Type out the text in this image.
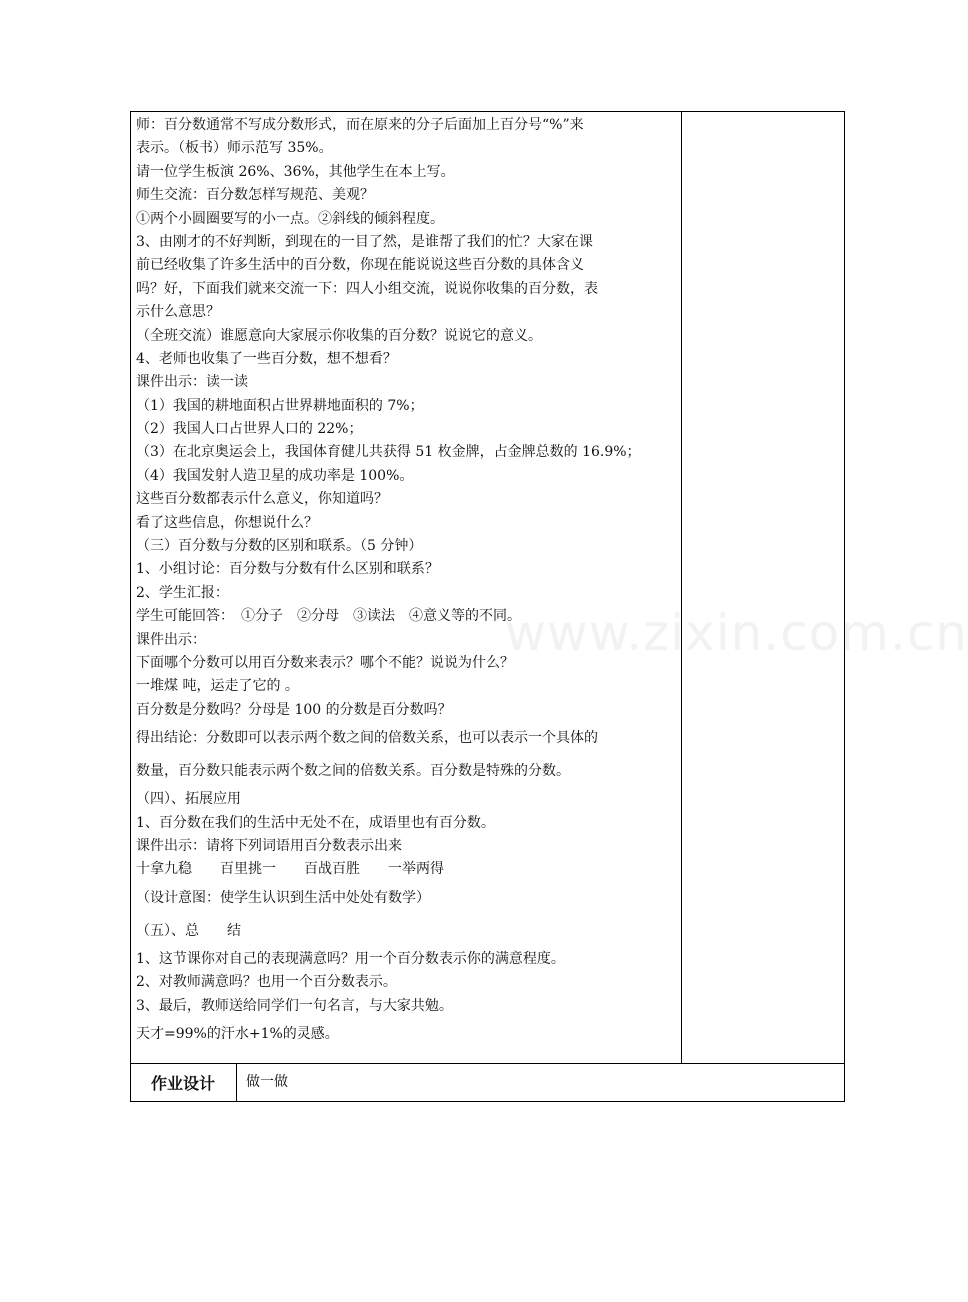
www.zixin.com.cn
师：百分数通常不写成分数形式，而在原来的分子后面加上百分号“%”来
表示。（板书）师示范写 35%。
请一位学生板演 26%、36%，其他学生在本上写。
师生交流：百分数怎样写规范、美观？
①两个小圆圈要写的小一点。②斜线的倾斜程度。
3、由刚才的不好判断，到现在的一目了然，是谁帮了我们的忙？大家在课
前已经收集了许多生活中的百分数，你现在能说说这些百分数的具体含义
吗？好，下面我们就来交流一下：四人小组交流，说说你收集的百分数，表
示什么意思？
（全班交流）谁愿意向大家展示你收集的百分数？说说它的意义。
4、老师也收集了一些百分数，想不想看？
课件出示：读一读
（1）我国的耕地面积占世界耕地面积的 7%；
（2）我国人口占世界人口的 22%；
（3）在北京奥运会上，我国体育健儿共获得 51 枚金牌，占金牌总数的 16.9%；
（4）我国发射人造卫星的成功率是 100%。
这些百分数都表示什么意义，你知道吗？
看了这些信息，你想说什么？
（三）百分数与分数的区别和联系。（5 分钟）
1、小组讨论：百分数与分数有什么区别和联系？
2、学生汇报：
学生可能回答：　①分子　②分母　③读法　④意义等的不同。
课件出示：
下面哪个分数可以用百分数来表示？哪个不能？说说为什么？
一堆煤 吨，运走了它的 。
百分数是分数吗？分母是 100 的分数是百分数吗？
得出结论：分数即可以表示两个数之间的倍数关系，也可以表示一个具体的
数量，百分数只能表示两个数之间的倍数关系。百分数是特殊的分数。
（四）、拓展应用
1、百分数在我们的生活中无处不在，成语里也有百分数。
课件出示：请将下列词语用百分数表示出来
十拿九稳　　百里挑一　　百战百胜　　一举两得
（设计意图：使学生认识到生活中处处有数学）
（五）、总　　结
1、这节课你对自己的表现满意吗？用一个百分数表示你的满意程度。
2、对教师满意吗？也用一个百分数表示。
3、最后，教师送给同学们一句名言，与大家共勉。
天才=99%的汗水+1%的灵感。
作业设计	做一做
